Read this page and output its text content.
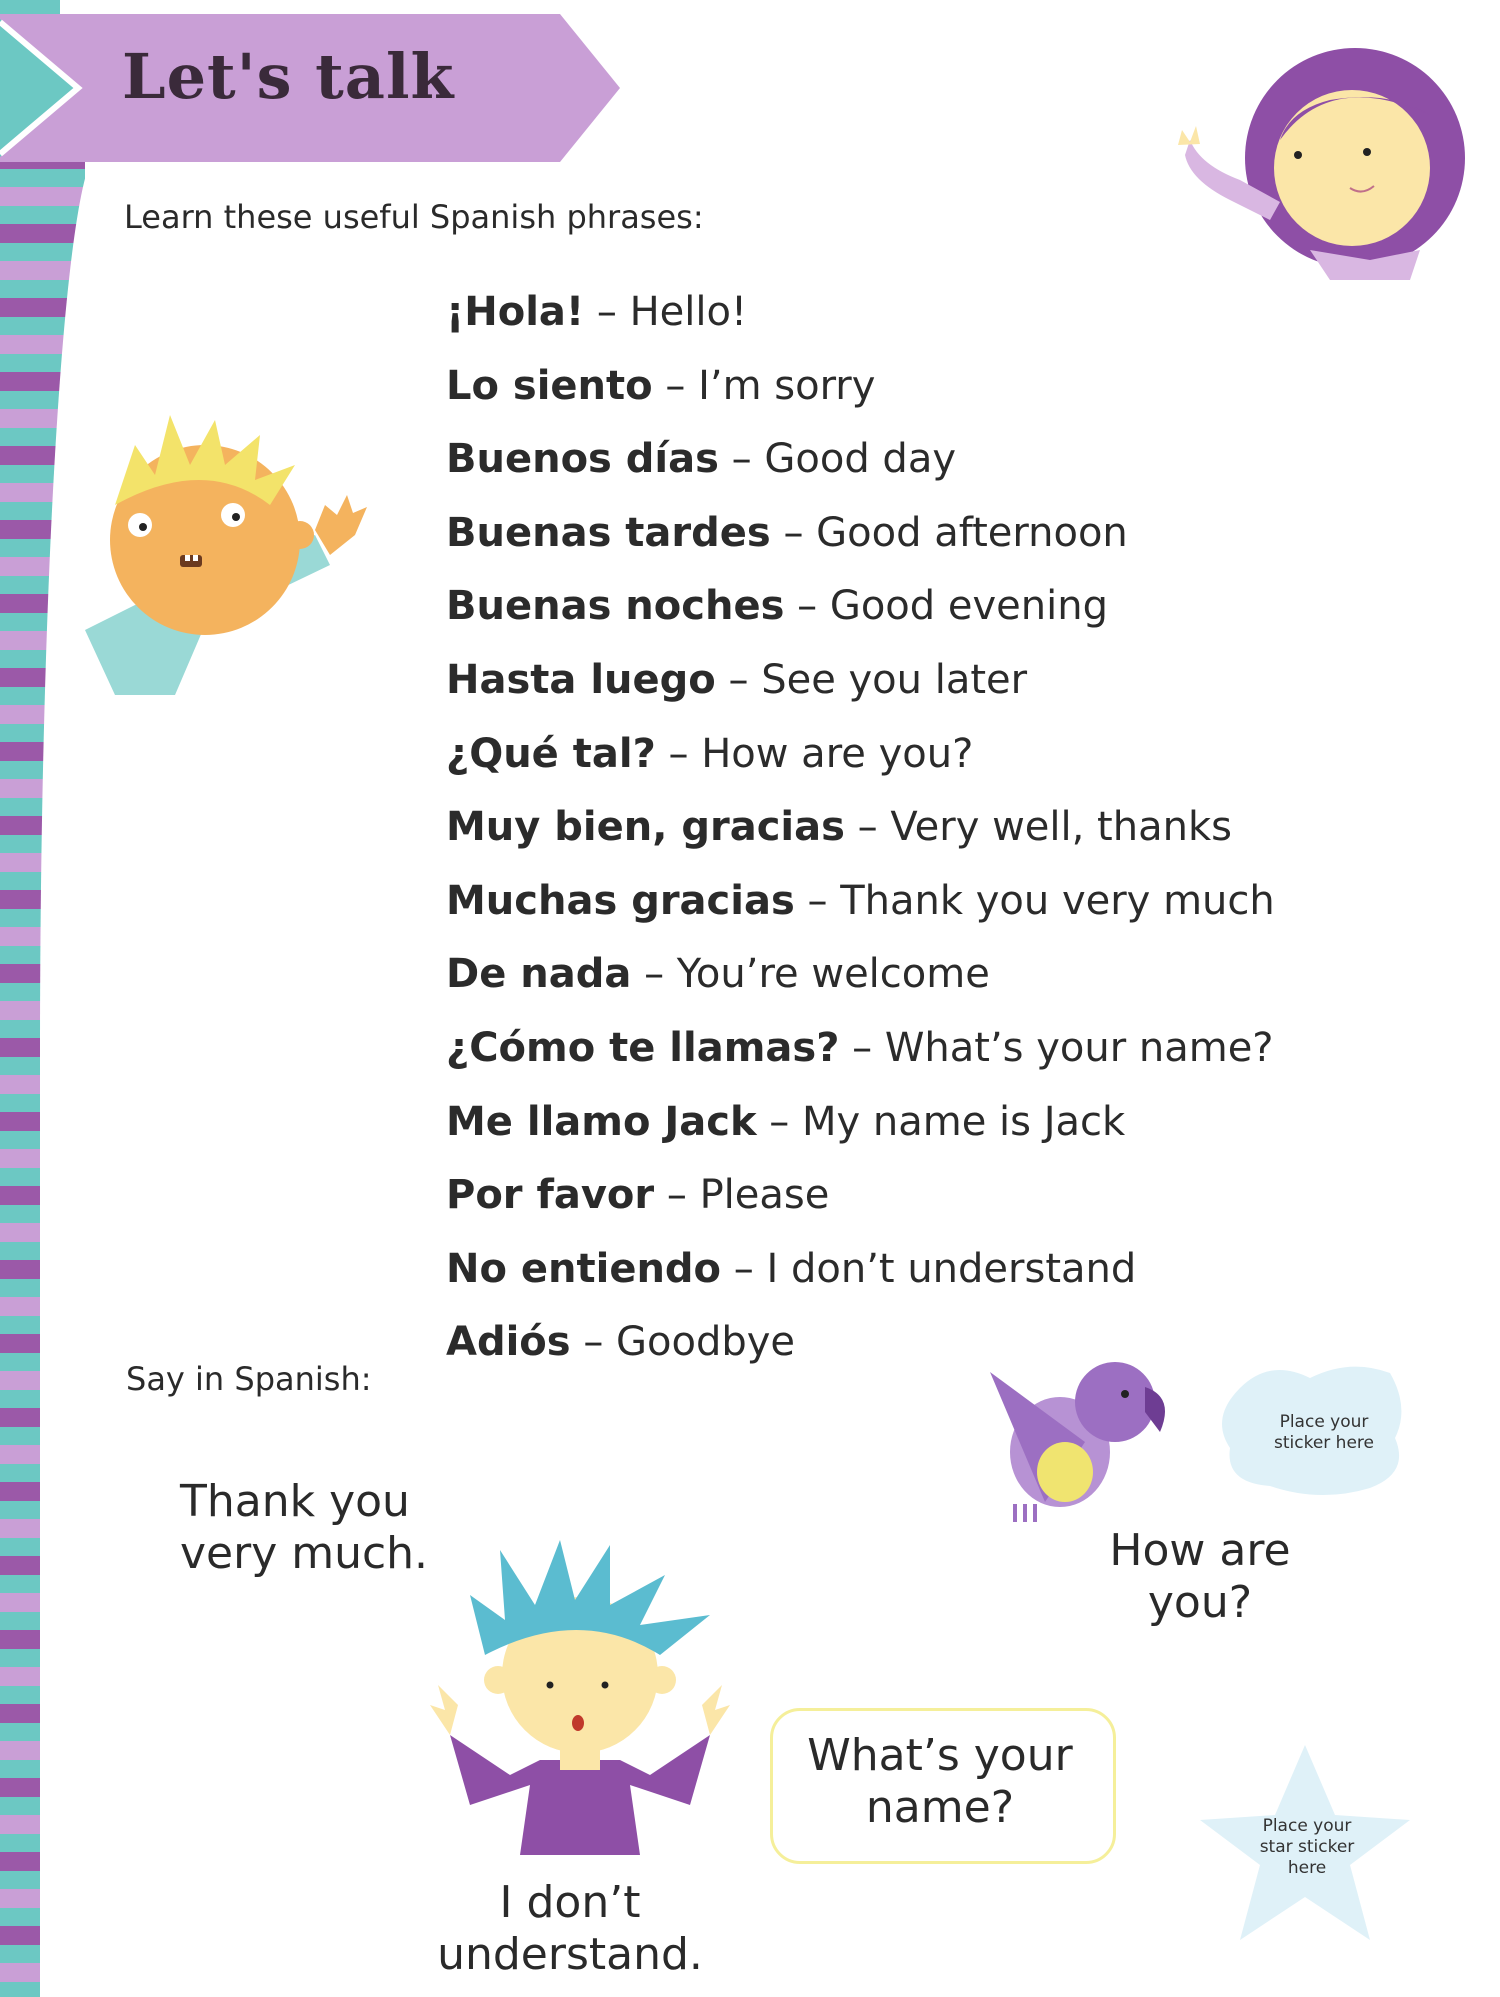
Let's talk

Learn these useful Spanish phrases:

¡Hola! – Hello!
Lo siento – I’m sorry
Buenos días – Good day
Buenas tardes – Good afternoon
Buenas noches – Good evening
Hasta luego – See you later
¿Qué tal? – How are you?
Muy bien, gracias – Very well, thanks
Muchas gracias – Thank you very much
De nada – You’re welcome
¿Cómo te llamas? – What’s your name?
Me llamo Jack – My name is Jack
Por favor – Please
No entiendo – I don’t understand
Adiós – Goodbye

Say in Spanish:

Thank you very much.

Place your sticker here

How are you?

What’s your name?

I don’t understand.

Place your star sticker here
